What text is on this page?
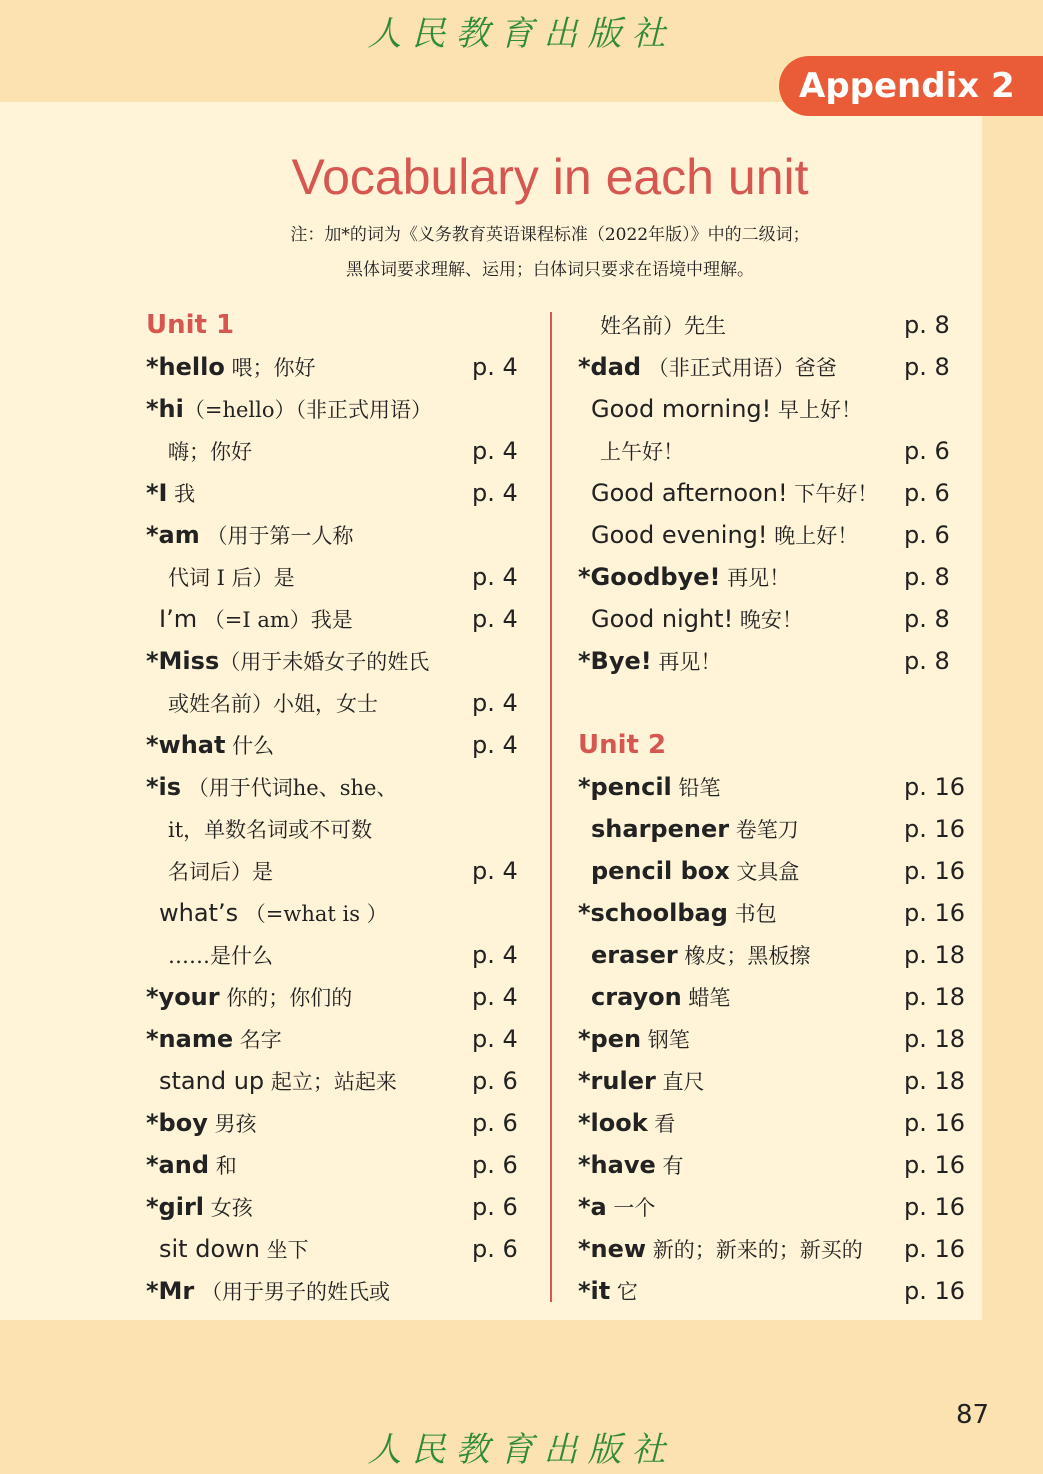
人民教育出版社
Appendix 2
Vocabulary in each unit
注：加*的词为《义务教育英语课程标准（2022年版）》中的二级词；
黑体词要求理解、运用；白体词只要求在语境中理解。
Unit 1
*hello 喂；你好	p. 4
*hi（=hello）（非正式用语）
嗨；你好	p. 4
*I 我	p. 4
*am （用于第一人称
代词 I 后）是	p. 4
I’m （=I am）我是	p. 4
*Miss（用于未婚女子的姓氏
或姓名前）小姐，女士	p. 4
*what 什么	p. 4
*is （用于代词he、she、
it，单数名词或不可数
名词后）是	p. 4
what’s （=what is ）
……是什么	p. 4
*your 你的；你们的	p. 4
*name 名字	p. 4
stand up 起立；站起来	p. 6
*boy 男孩	p. 6
*and 和	p. 6
*girl 女孩	p. 6
sit down 坐下	p. 6
*Mr （用于男子的姓氏或
姓名前）先生	p. 8
*dad （非正式用语）爸爸	p. 8
Good morning! 早上好！
上午好！	p. 6
Good afternoon! 下午好！ p. 6
Good evening! 晚上好！ p. 6
*Goodbye! 再见！	p. 8
Good night! 晚安！	p. 8
*Bye! 再见！	p. 8
Unit 2
*pencil 铅笔	p. 16
sharpener 卷笔刀	p. 16
pencil box 文具盒	p. 16
*schoolbag 书包	p. 16
eraser 橡皮；黑板擦	p. 18
crayon 蜡笔	p. 18
*pen 钢笔	p. 18
*ruler 直尺	p. 18
*look 看	p. 16
*have 有	p. 16
*a 一个	p. 16
*new 新的；新来的；新买的 p. 16
*it 它	p. 16
87
人民教育出版社
